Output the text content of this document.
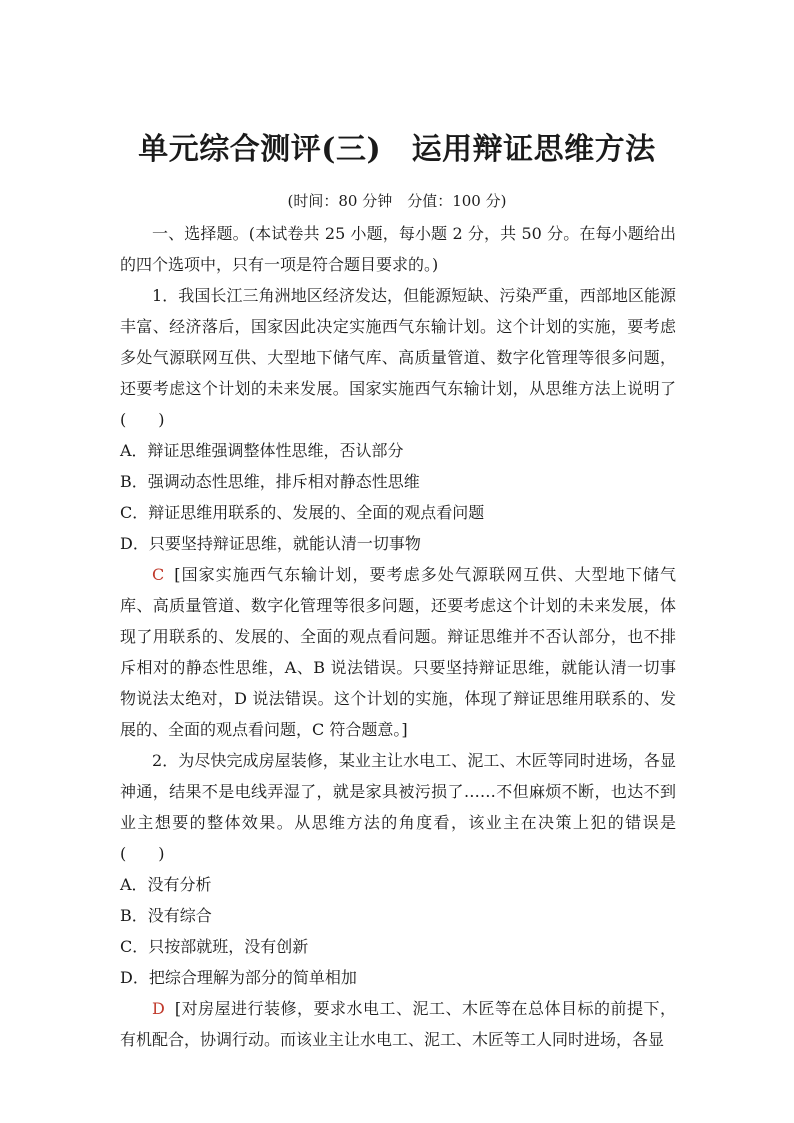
单元综合测评(三)　运用辩证思维方法
(时间：80 分钟　分值：100 分)

一、选择题。(本试卷共 25 小题，每小题 2 分，共 50 分。在每小题给出的四个选项中，只有一项是符合题目要求的。)

1．我国长江三角洲地区经济发达，但能源短缺、污染严重，西部地区能源丰富、经济落后，国家因此决定实施西气东输计划。这个计划的实施，要考虑多处气源联网互供、大型地下储气库、高质量管道、数字化管理等很多问题，还要考虑这个计划的未来发展。国家实施西气东输计划，从思维方法上说明了(　　)

A．辩证思维强调整体性思维，否认部分

B．强调动态性思维，排斥相对静态性思维

C．辩证思维用联系的、发展的、全面的观点看问题

D．只要坚持辩证思维，就能认清一切事物

C [国家实施西气东输计划，要考虑多处气源联网互供、大型地下储气库、高质量管道、数字化管理等很多问题，还要考虑这个计划的未来发展，体现了用联系的、发展的、全面的观点看问题。辩证思维并不否认部分，也不排斥相对的静态性思维，A、B 说法错误。只要坚持辩证思维，就能认清一切事物说法太绝对，D 说法错误。这个计划的实施，体现了辩证思维用联系的、发展的、全面的观点看问题，C 符合题意。]

2．为尽快完成房屋装修，某业主让水电工、泥工、木匠等同时进场，各显神通，结果不是电线弄湿了，就是家具被污损了……不但麻烦不断，也达不到业主想要的整体效果。从思维方法的角度看，该业主在决策上犯的错误是(　　)

A．没有分析

B．没有综合

C．只按部就班，没有创新

D．把综合理解为部分的简单相加

D [对房屋进行装修，要求水电工、泥工、木匠等在总体目标的前提下，有机配合，协调行动。而该业主让水电工、泥工、木匠等工人同时进场，各显
